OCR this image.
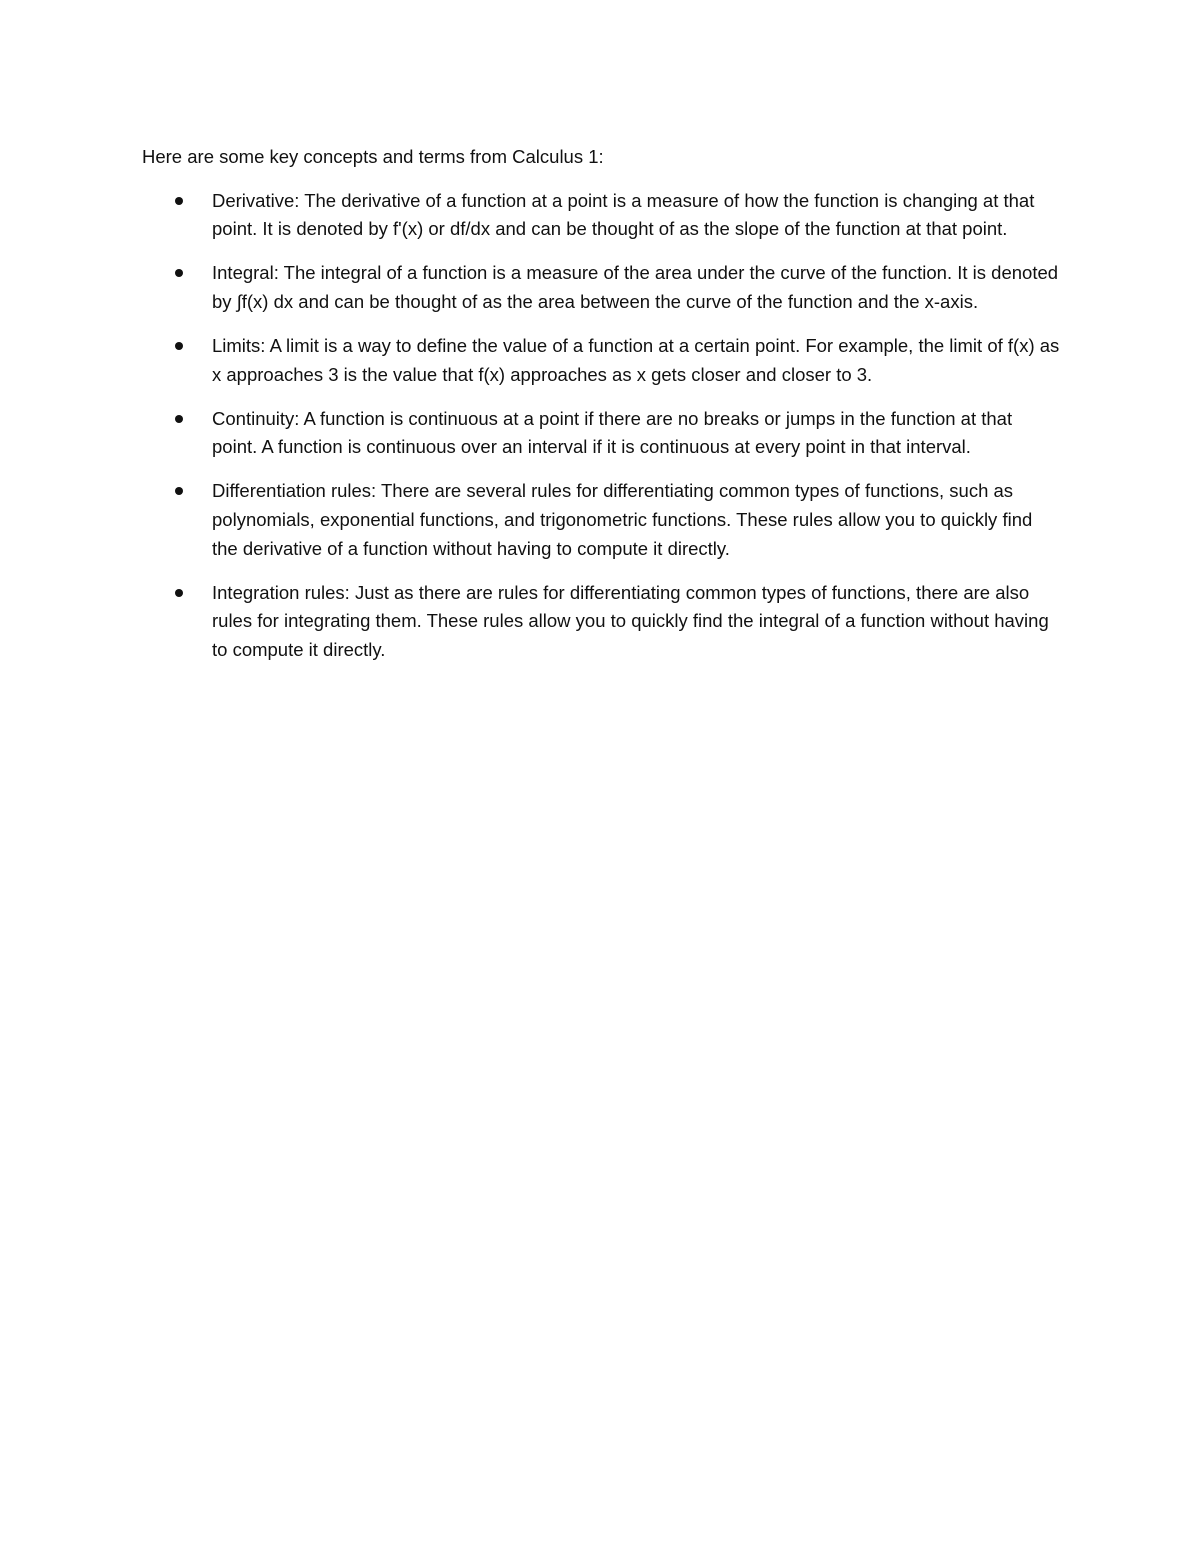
Here are some key concepts and terms from Calculus 1:

Derivative: The derivative of a function at a point is a measure of how the function is changing at that point. It is denoted by f'(x) or df/dx and can be thought of as the slope of the function at that point.
Integral: The integral of a function is a measure of the area under the curve of the function. It is denoted by ∫f(x) dx and can be thought of as the area between the curve of the function and the x-axis.
Limits: A limit is a way to define the value of a function at a certain point. For example, the limit of f(x) as x approaches 3 is the value that f(x) approaches as x gets closer and closer to 3.
Continuity: A function is continuous at a point if there are no breaks or jumps in the function at that point. A function is continuous over an interval if it is continuous at every point in that interval.
Differentiation rules: There are several rules for differentiating common types of functions, such as polynomials, exponential functions, and trigonometric functions. These rules allow you to quickly find the derivative of a function without having to compute it directly.
Integration rules: Just as there are rules for differentiating common types of functions, there are also rules for integrating them. These rules allow you to quickly find the integral of a function without having to compute it directly.
